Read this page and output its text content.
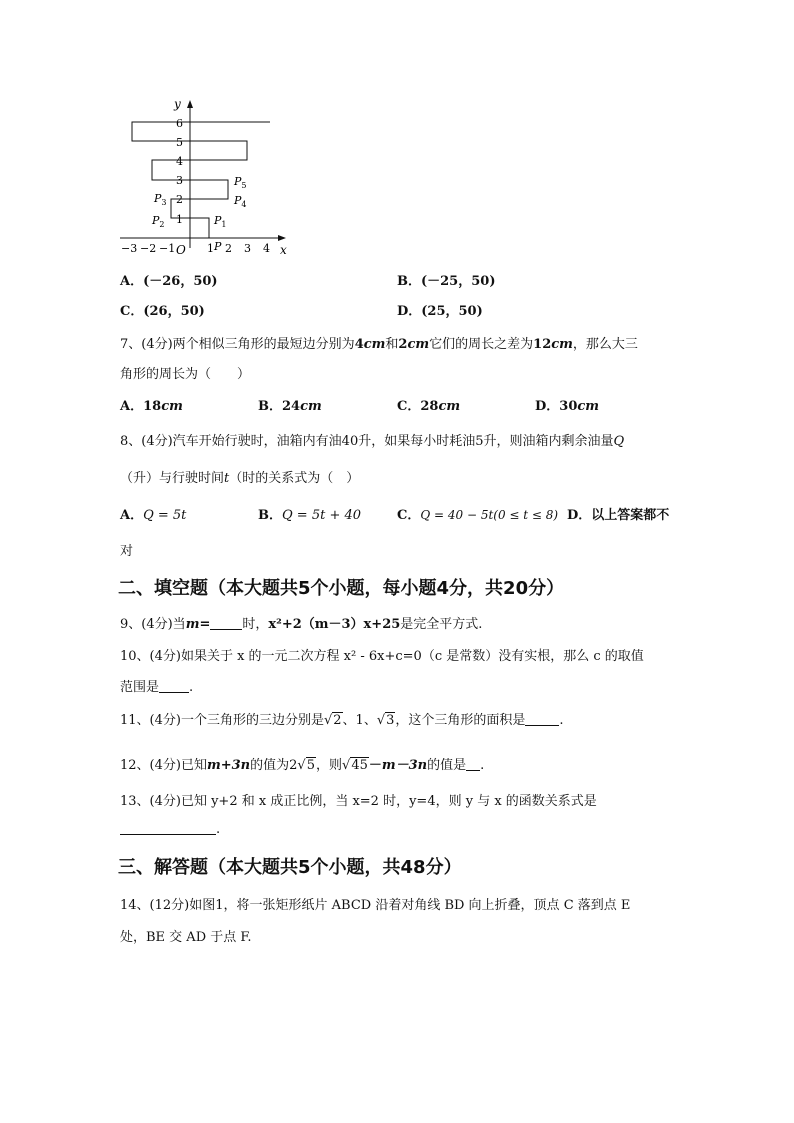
y
x
O
1
2
3
4
5
6
−3 −2 −1	1 2 3 4
P
$P_1$
$P_2$
$P_3$	$P_4$
$P_5$
A．(－26，50)	B．(－25，50)
C．(26，50)	D．(25，50)
7、(4分)两个相似三角形的最短边分别为4cm和2cm它们的周长之差为12cm，那么大三
角形的周长为（　　）
A．18cm	B．24cm	C．28cm	D．30cm
8、(4分)汽车开始行驶时，油箱内有油40升，如果每小时耗油5升，则油箱内剩余油量Q
（升）与行驶时间t（时的关系式为（　）
A．Q = 5t	B．Q = 5t + 40	C．Q = 40 − 5t(0 ≤ t ≤ 8) D．以上答案都不
对
二、填空题（本大题共5个小题，每小题4分，共20分）
9、(4分)当m= 时，x²+2（m－3）x+25是完全平方式.
10、(4分)如果关于 x 的一元二次方程 x² - 6x+c=0（c 是常数）没有实根，那么 c 的取值
范围是 .
11、(4分)一个三角形的三边分别是√2、1、√3，这个三角形的面积是	.
12、(4分)已知m+3n的值为2√5，则√45－m－3n的值是 .
13、(4分)已知 y+2 和 x 成正比例，当 x=2 时，y=4，则 y 与 x 的函数关系式是
.
三、解答题（本大题共5个小题，共48分）
14、(12分)如图1，将一张矩形纸片 ABCD 沿着对角线 BD 向上折叠，顶点 C 落到点 E
处，BE 交 AD 于点 F.
